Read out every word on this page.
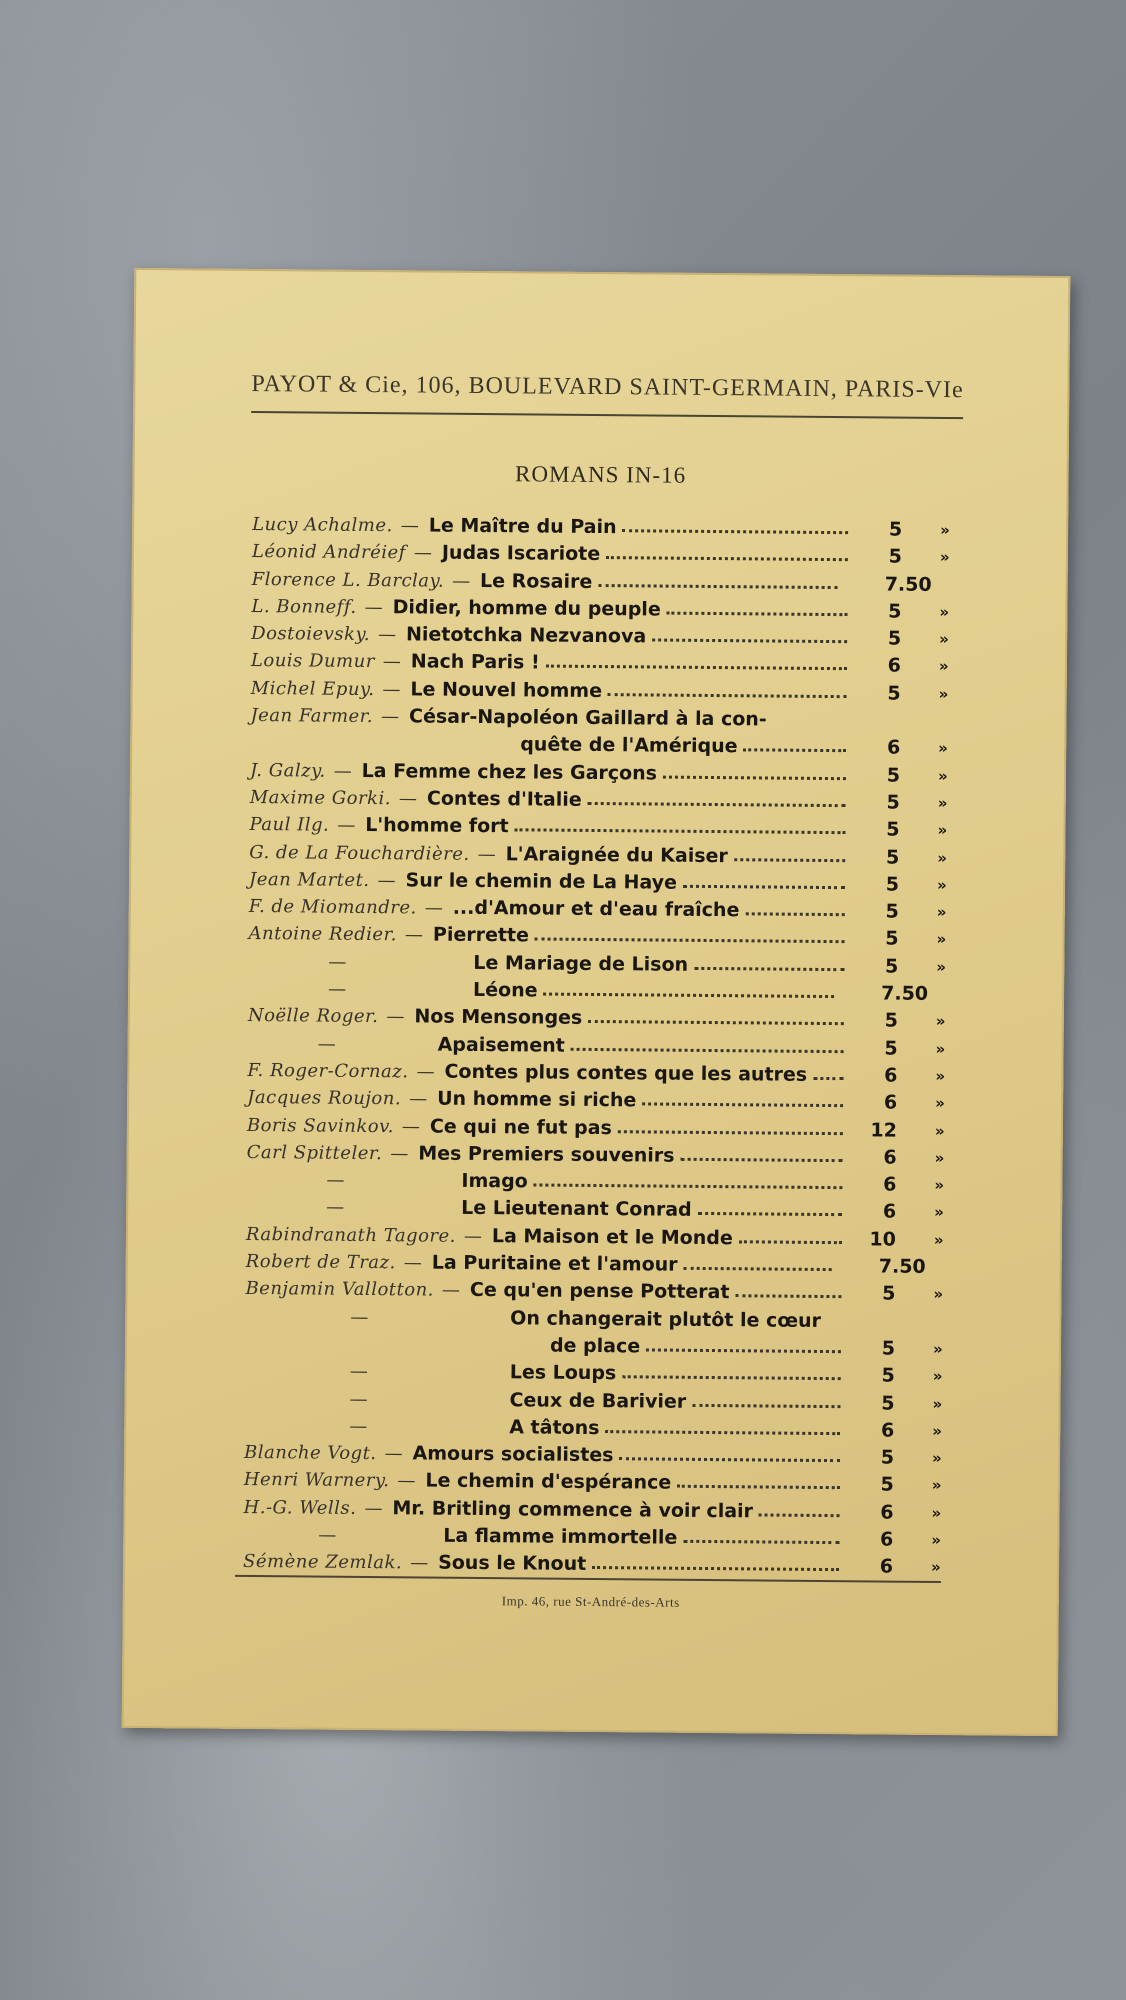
PAYOT & Cie, 106, BOULEVARD SAINT-GERMAIN, PARIS-VIe
ROMANS IN-16
Lucy Achalme. — Le Maître du Pain	5	»
Léonid Andréief — Judas Iscariote	5	»
Florence L. Barclay. — Le Rosaire	7.50
L. Bonneff. — Didier, homme du peuple	5	»
Dostoievsky. — Nietotchka Nezvanova	5	»
Louis Dumur — Nach Paris !	6	»
Michel Epuy. — Le Nouvel homme	5	»
Jean Farmer. — César-Napoléon Gaillard à la con-
quête de l'Amérique	6	»
J. Galzy. — La Femme chez les Garçons	5	»
Maxime Gorki. — Contes d'Italie	5	»
Paul Ilg. — L'homme fort	5	»
G. de La Fouchardière. — L'Araignée du Kaiser	5	»
Jean Martet. — Sur le chemin de La Haye	5	»
F. de Miomandre. — ...d'Amour et d'eau fraîche	5	»
Antoine Redier. — Pierrette	5	»
—	Le Mariage de Lison	5	»
—	Léone	7.50
Noëlle Roger. — Nos Mensonges	5	»
—	Apaisement	5	»
F. Roger-Cornaz. — Contes plus contes que les autres	6	»
Jacques Roujon. — Un homme si riche	6	»
Boris Savinkov. — Ce qui ne fut pas	12	»
Carl Spitteler. — Mes Premiers souvenirs	6	»
—	Imago	6	»
—	Le Lieutenant Conrad	6	»
Rabindranath Tagore. — La Maison et le Monde	10	»
Robert de Traz. — La Puritaine et l'amour	7.50
Benjamin Vallotton. — Ce qu'en pense Potterat	5	»
—	On changerait plutôt le cœur
de place	5	»
—	Les Loups	5	»
—	Ceux de Barivier	5	»
—	A tâtons	6	»
Blanche Vogt. — Amours socialistes	5	»
Henri Warnery. — Le chemin d'espérance	5	»
H.-G. Wells. — Mr. Britling commence à voir clair	6	»
—	La flamme immortelle	6	»
Sémène Zemlak. — Sous le Knout	6	»
Imp. 46, rue St-André-des-Arts
